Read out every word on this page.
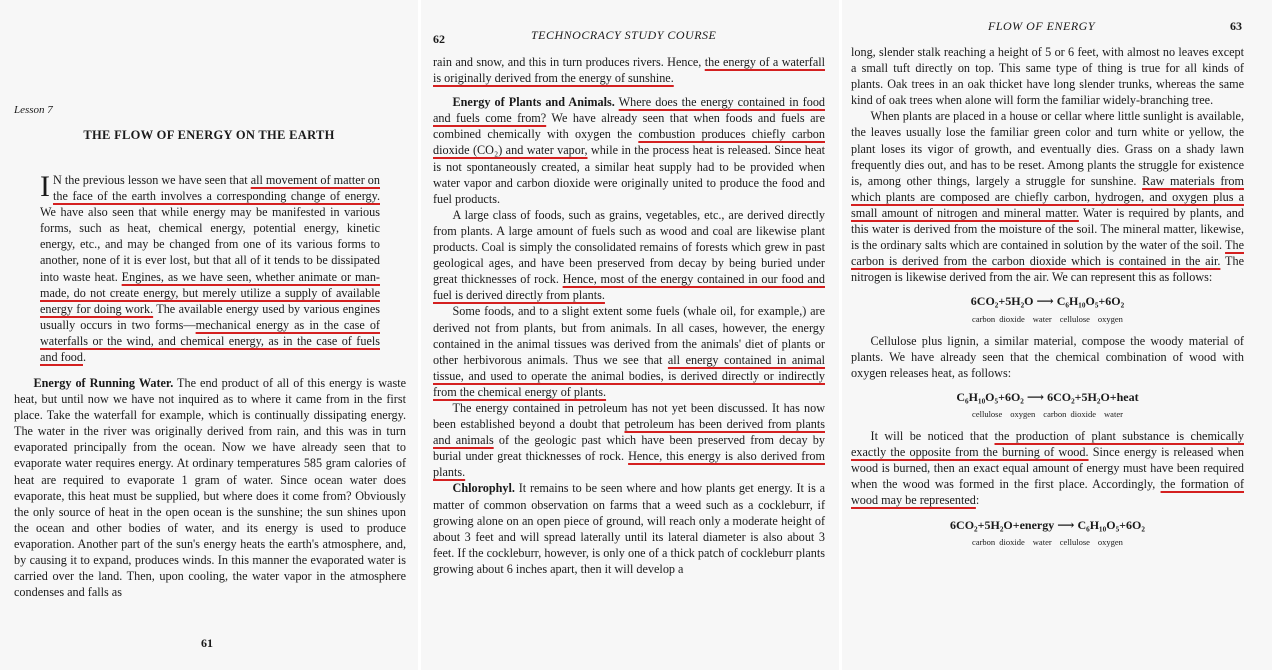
Lesson 7
THE FLOW OF ENERGY ON THE EARTH

I N the previous lesson we have seen that all movement of matter on the face of the earth involves a corresponding change of energy. We have also seen that while energy may be manifested in various forms, such as heat, chemical energy, potential energy, kinetic energy, etc., and may be changed from one of its various forms to another, none of it is ever lost, but that all of it tends to be dissipated into waste heat. Engines, as we have seen, whether animate or man-made, do not create energy, but merely utilize a supply of available energy for doing work. The available energy used by various engines usually occurs in two forms—mechanical energy as in the case of waterfalls or the wind, and chemical energy, as in the case of fuels and food.

Energy of Running Water. The end product of all of this energy is waste heat, but until now we have not inquired as to where it came from in the first place. Take the waterfall for example, which is continually dissipating energy. The water in the river was originally derived from rain, and this was in turn evaporated principally from the ocean. Now we have already seen that to evaporate water requires energy. At ordinary temperatures 585 gram calories of heat are required to evaporate 1 gram of water. Since ocean water does evaporate, this heat must be supplied, but where does it come from? Obviously the only source of heat in the open ocean is the sunshine; the sun shines upon the ocean and other bodies of water, and its energy is used to produce evaporation. Another part of the sun's energy heats the earth's atmosphere, and, by causing it to expand, produces winds. In this manner the evaporated water is carried over the land. Then, upon cooling, the water vapor in the atmosphere condenses and falls as

61
62	TECHNOCRACY STUDY COURSE

rain and snow, and this in turn produces rivers. Hence, the energy of a waterfall is originally derived from the energy of sunshine.

Energy of Plants and Animals. Where does the energy contained in food and fuels come from? We have already seen that when foods and fuels are combined chemically with oxygen the combustion produces chiefly carbon dioxide (CO₂) and water vapor, while in the process heat is released. Since heat is not spontaneously created, a similar heat supply had to be provided when water vapor and carbon dioxide were originally united to produce the food and fuel products.

A large class of foods, such as grains, vegetables, etc., are derived directly from plants. A large amount of fuels such as wood and coal are likewise plant products. Coal is simply the consolidated remains of forests which grew in past geological ages, and have been preserved from decay by being buried under great thicknesses of rock. Hence, most of the energy contained in our food and fuel is derived directly from plants.

Some foods, and to a slight extent some fuels (whale oil, for example,) are derived not from plants, but from animals. In all cases, however, the energy contained in the animal tissues was derived from the animals' diet of plants or other herbivorous animals. Thus we see that all energy contained in animal tissue, and used to operate the animal bodies, is derived directly or indirectly from the chemical energy of plants.

The energy contained in petroleum has not yet been discussed. It has now been established beyond a doubt that petroleum has been derived from plants and animals of the geologic past which have been preserved from decay by burial under great thicknesses of rock. Hence, this energy is also derived from plants.

Chlorophyl. It remains to be seen where and how plants get energy. It is a matter of common observation on farms that a weed such as a cockleburr, if growing alone on an open piece of ground, will reach only a moderate height of about 3 feet and will spread laterally until its lateral diameter is also about 3 feet. If the cockleburr, however, is only one of a thick patch of cockleburr plants growing about 6 inches apart, then it will develop a

FLOW OF ENERGY	63

long, slender stalk reaching a height of 5 or 6 feet, with almost no leaves except a small tuft directly on top. This same type of thing is true for all kinds of plants. Oak trees in an oak thicket have long slender trunks, whereas the same kind of oak trees when alone will form the familiar widely-branching tree.

When plants are placed in a house or cellar where little sunlight is available, the leaves usually lose the familiar green color and turn white or yellow, the plant loses its vigor of growth, and eventually dies. Grass on a shady lawn frequently dies out, and has to be reset. Among plants the struggle for existence is, among other things, largely a struggle for sunshine. Raw materials from which plants are composed are chiefly carbon, hydrogen, and oxygen plus a small amount of nitrogen and mineral matter. Water is required by plants, and this water is derived from the moisture of the soil. The mineral matter, likewise, is the ordinary salts which are contained in solution by the water of the soil. The carbon is derived from the carbon dioxide which is contained in the air. The nitrogen is likewise derived from the air. We can represent this as follows:

6CO₂+5H₂O ⟶ C₆H₁₀O₅+6O₂
carbon dioxide water cellulose oxygen

Cellulose plus lignin, a similar material, compose the woody material of plants. We have already seen that the chemical combination of wood with oxygen releases heat, as follows:

C₆H₁₀O₅+6O₂ ⟶ 6CO₂+5H₂O+heat
cellulose oxygen carbon dioxide water

It will be noticed that the production of plant substance is chemically exactly the opposite from the burning of wood. Since energy is released when wood is burned, then an exact equal amount of energy must have been required when the wood was formed in the first place. Accordingly, the formation of wood may be represented:

6CO₂+5H₂O+energy ⟶ C₆H₁₀O₅+6O₂
carbon dioxide water cellulose oxygen
